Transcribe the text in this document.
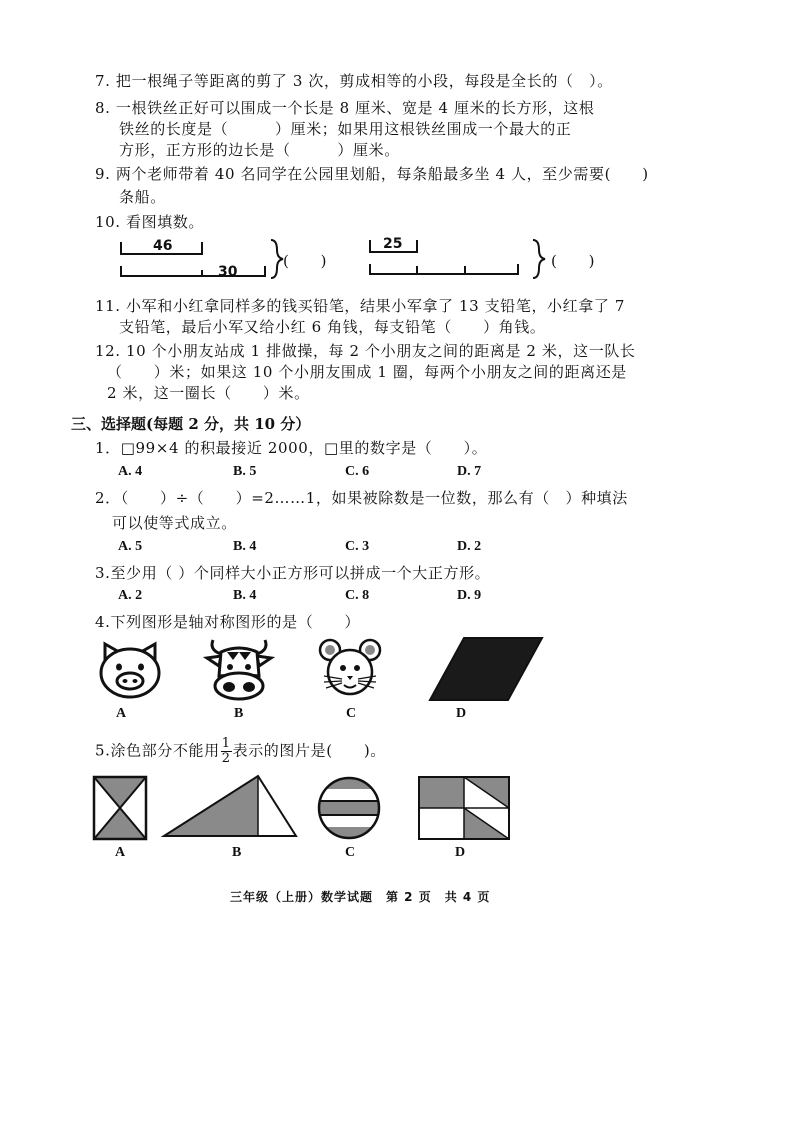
7. 把一根绳子等距离的剪了 3 次，剪成相等的小段，每段是全长的（　）。
8. 一根铁丝正好可以围成一个长是 8 厘米、宽是 4 厘米的长方形，这根
铁丝的长度是（　　　）厘米；如果用这根铁丝围成一个最大的正
方形，正方形的边长是（　　　）厘米。
9. 两个老师带着 40 名同学在公园里划船，每条船最多坐 4 人，至少需要(　　)
条船。
10. 看图填数。
46
30
(　　)
25
(　　)
11. 小军和小红拿同样多的钱买铅笔，结果小军拿了 13 支铅笔，小红拿了 7
支铅笔，最后小军又给小红 6 角钱，每支铅笔（　　）角钱。
12. 10 个小朋友站成 1 排做操，每 2 个小朋友之间的距离是 2 米，这一队长
（　　）米；如果这 10 个小朋友围成 1 圈，每两个小朋友之间的距离还是
2 米，这一圈长（　　）米。
三、选择题(每题 2 分，共 10 分）
1．□99×4 的积最接近 2000，□里的数字是（　　）。
A. 4	B. 5	C. 6	D. 7
2．（　　）÷（　　）=2……1，如果被除数是一位数，那么有（　）种填法
可以使等式成立。
A. 5	B. 4	C. 3	D. 2
3.至少用（ ）个同样大小正方形可以拼成一个大正方形。
A. 2	B. 4	C. 8	D. 9
4.下列图形是轴对称图形的是（　　）
A	B	C	D
5.涂色部分不能用 $\frac{1}{2}$ 表示的图片是(　　)。
A	B	C	D
三年级（上册）数学试题　第 2 页　共 4 页
